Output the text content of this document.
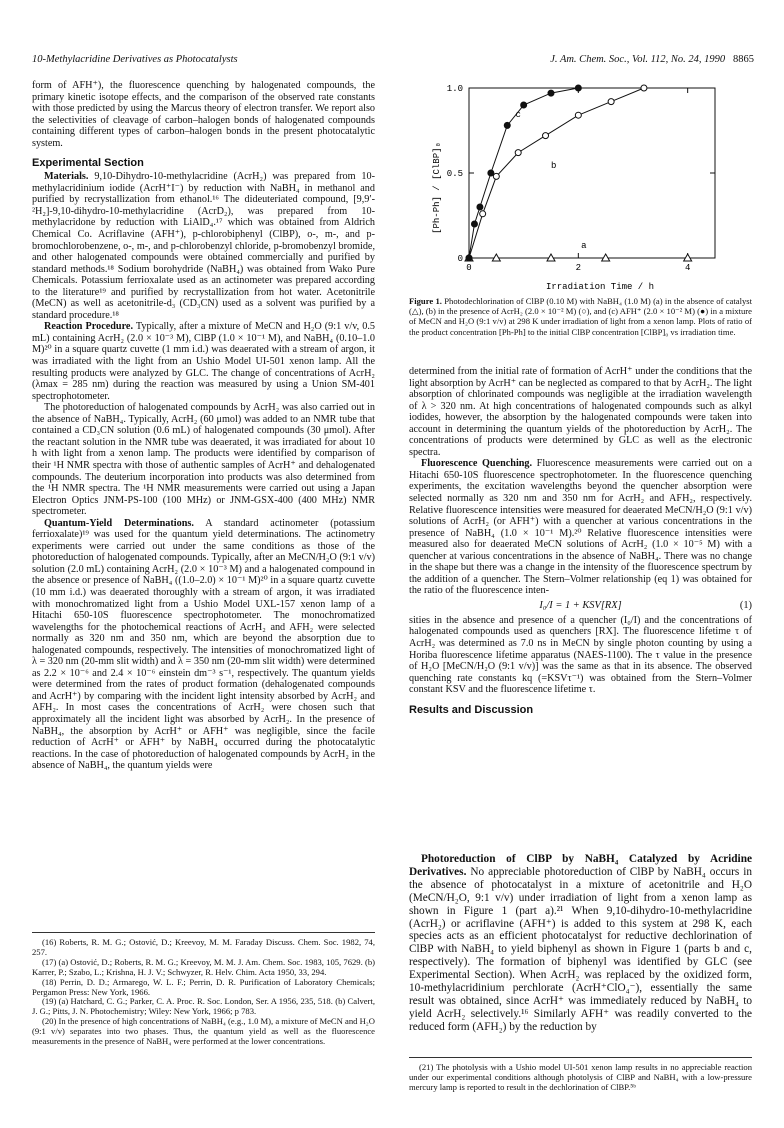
10-Methylacridine Derivatives as Photocatalysts	J. Am. Chem. Soc., Vol. 112, No. 24, 1990 8865

form of AFH⁺), the fluorescence quenching by halogenated compounds, the primary kinetic isotope effects, and the comparison of the observed rate constants with those predicted by using the Marcus theory of electron transfer. We report also the selectivities of cleavage of carbon–halogen bonds of halogenated compounds containing different types of carbon–halogen bonds in the present photocatalytic system.

Experimental Section

Materials. 9,10-Dihydro-10-methylacridine (AcrH₂) was prepared from 10-methylacridinium iodide (AcrH⁺I⁻) by reduction with NaBH₄ in methanol and purified by recrystallization from ethanol.¹⁶ The dideuteriated compound, [9,9′-²H₂]-9,10-dihydro-10-methylacridine (AcrD₂), was prepared from 10-methylacridone by reduction with LiAlD₄.¹⁷ which was obtained from Aldrich Chemical Co. Acriflavine (AFH⁺), p-chlorobiphenyl (ClBP), o-, m-, and p-bromochlorobenzene, o-, m-, and p-chlorobenzyl chloride, p-bromobenzyl bromide, and other halogenated compounds were obtained commercially and purified by standard methods.¹⁸ Sodium borohydride (NaBH₄) was obtained from Wako Pure Chemicals. Potassium ferrioxalate used as an actinometer was prepared according to the literature¹⁹ and purified by recrystallization from hot water. Acetonitrile (MeCN) as well as acetonitrile-d₃ (CD₃CN) used as a solvent was purified by a standard procedure.¹⁸

Reaction Procedure. Typically, after a mixture of MeCN and H₂O (9:1 v/v, 0.5 mL) containing AcrH₂ (2.0 × 10⁻³ M), ClBP (1.0 × 10⁻¹ M), and NaBH₄ (0.10–1.0 M)²⁰ in a square quartz cuvette (1 mm i.d.) was deaerated with a stream of argon, it was irradiated with the light from an Ushio Model UI-501 xenon lamp. All the resulting products were analyzed by GLC. The change of concentrations of AcrH₂ (λmax = 285 nm) during the reaction was measured by using a Union SM-401 spectrophotometer.

The photoreduction of halogenated compounds by AcrH₂ was also carried out in the absence of NaBH₄. Typically, AcrH₂ (60 μmol) was added to an NMR tube that contained a CD₃CN solution (0.6 mL) of halogenated compounds (30 μmol). After the reactant solution in the NMR tube was deaerated, it was irradiated for about 10 h with light from a xenon lamp. The products were identified by comparison of their ¹H NMR spectra with those of authentic samples of AcrH⁺ and dehalogenated compounds. The deuterium incorporation into products was also determined from the ¹H NMR spectra. The ¹H NMR measurements were carried out using a Japan Electron Optics JNM-PS-100 (100 MHz) or JNM-GSX-400 (400 MHz) NMR spectrometer.

Quantum-Yield Determinations. A standard actinometer (potassium ferrioxalate)¹⁹ was used for the quantum yield determinations. The actinometry experiments were carried out under the same conditions as those of the photoreduction of halogenated compounds. Typically, after an MeCN/H₂O (9:1 v/v) solution (2.0 mL) containing AcrH₂ (2.0 × 10⁻³ M) and a halogenated compound in the absence or presence of NaBH₄ ((1.0–2.0) × 10⁻¹ M)²⁰ in a square quartz cuvette (10 mm i.d.) was deaerated thoroughly with a stream of argon, it was irradiated with monochromatized light from a Ushio Model UXL-157 xenon lamp of a Hitachi 650-10S fluorescence spectrophotometer. The monochromatized wavelengths for the photochemical reactions of AcrH₂ and AFH₂ were selected normally as 320 nm and 350 nm, which are beyond the absorption due to halogenated compounds, respectively. The intensities of monochromatized light of λ = 320 nm (20-mm slit width) and λ = 350 nm (20-mm slit width) were determined as 2.2 × 10⁻⁶ and 2.4 × 10⁻⁶ einstein dm⁻³ s⁻¹, respectively. The quantum yields were determined from the rates of product formation (dehalogenated compounds and AcrH⁺) by comparing with the incident light intensity absorbed by AcrH₂ and AFH₂. In most cases the concentrations of AcrH₂ were chosen such that approximately all the incident light was absorbed by AcrH₂. In the presence of NaBH₄, the absorption by AcrH⁺ or AFH⁺ was negligible, since the facile reduction of AcrH⁺ or AFH⁺ by NaBH₄ occurred during the photocatalytic reactions. In the case of photoreduction of halogenated compounds by AcrH₂ in the absence of NaBH₄, the quantum yields were

(16) Roberts, R. M. G.; Ostović, D.; Kreevoy, M. M. Faraday Discuss. Chem. Soc. 1982, 74, 257.

(17) (a) Ostović, D.; Roberts, R. M. G.; Kreevoy, M. M. J. Am. Chem. Soc. 1983, 105, 7629. (b) Karrer, P.; Szabo, L.; Krishna, H. J. V.; Schwyzer, R. Helv. Chim. Acta 1950, 33, 294.

(18) Perrin, D. D.; Armarego, W. L. F.; Perrin, D. R. Purification of Laboratory Chemicals; Pergamon Press: New York, 1966.

(19) (a) Hatchard, C. G.; Parker, C. A. Proc. R. Soc. London, Ser. A 1956, 235, 518. (b) Calvert, J. G.; Pitts, J. N. Photochemistry; Wiley: New York, 1966; p 783.

(20) In the presence of high concentrations of NaBH₄ (e.g., 1.0 M), a mixture of MeCN and H₂O (9:1 v/v) separates into two phases. Thus, the quantum yield as well as the fluorescence measurements in the presence of NaBH₄ were performed at the lower concentrations.

0
0.5
1.0
0	2	4
a
b
c
[Ph-Ph] / [ClBP]₀
Irradiation Time / h

Figure 1. Photodechlorination of ClBP (0.10 M) with NaBH₄ (1.0 M) (a) in the absence of catalyst (△), (b) in the presence of AcrH₂ (2.0 × 10⁻² M) (○), and (c) AFH⁺ (2.0 × 10⁻² M) (●) in a mixture of MeCN and H₂O (9:1 v/v) at 298 K under irradiation of light from a xenon lamp. Plots of ratio of the product concentration [Ph-Ph] to the initial ClBP concentration [ClBP]₀ vs irradiation time.

determined from the initial rate of formation of AcrH⁺ under the conditions that the light absorption by AcrH⁺ can be neglected as compared to that by AcrH₂. The light absorption of chlorinated compounds was negligible at the irradiation wavelength of λ > 320 nm. At high concentrations of halogenated compounds such as alkyl iodides, however, the absorption by the halogenated compounds were taken into account in determining the quantum yields of the photoreduction by AcrH₂. The concentrations of products were determined by GLC as well as the electronic spectra.

Fluorescence Quenching. Fluorescence measurements were carried out on a Hitachi 650-10S fluorescence spectrophotometer. In the fluorescence quenching experiments, the excitation wavelengths beyond the quencher absorption were selected normally as 320 nm and 350 nm for AcrH₂ and AFH₂, respectively. Relative fluorescence intensities were measured for deaerated MeCN/H₂O (9:1 v/v) solutions of AcrH₂ (or AFH⁺) with a quencher at various concentrations in the presence of NaBH₄ (1.0 × 10⁻¹ M).²⁰ Relative fluorescence intensities were measured also for deaerated MeCN solutions of AcrH₂ (1.0 × 10⁻⁵ M) with a quencher at various concentrations in the absence of NaBH₄. There was no change in the shape but there was a change in the intensity of the fluorescence spectrum by the addition of a quencher. The Stern–Volmer relationship (eq 1) was obtained for the ratio of the fluorescence inten-

I₀/I = 1 + KSV[RX]	(1)

sities in the absence and presence of a quencher (I₀/I) and the concentrations of halogenated compounds used as quenchers [RX]. The fluorescence lifetime τ of AcrH₂ was determined as 7.0 ns in MeCN by single photon counting by using a Horiba fluorescence lifetime apparatus (NAES-1100). The τ value in the presence of H₂O [MeCN/H₂O (9:1 v/v)] was the same as that in its absence. The observed quenching rate constants kq (=KSVτ⁻¹) was obtained from the Stern–Volmer constant KSV and the fluorescence lifetime τ.

Results and Discussion

Photoreduction of ClBP by NaBH₄ Catalyzed by Acridine Derivatives. No appreciable photoreduction of ClBP by NaBH₄ occurs in the absence of photocatalyst in a mixture of acetonitrile and H₂O (MeCN/H₂O, 9:1 v/v) under irradiation of light from a xenon lamp as shown in Figure 1 (part a).²¹ When 9,10-dihydro-10-methylacridine (AcrH₂) or acriflavine (AFH⁺) is added to this system at 298 K, each species acts as an efficient photocatalyst for reductive dechlorination of ClBP with NaBH₄ to yield biphenyl as shown in Figure 1 (parts b and c, respectively). The formation of biphenyl was identified by GLC (see Experimental Section). When AcrH₂ was replaced by the oxidized form, 10-methylacridinium perchlorate (AcrH⁺ClO₄⁻), essentially the same result was obtained, since AcrH⁺ was immediately reduced by NaBH₄ to yield AcrH₂ selectively.¹⁶ Similarly AFH⁺ was readily converted to the reduced form (AFH₂) by the reduction by

(21) The photolysis with a Ushio model UI-501 xenon lamp results in no appreciable reaction under our experimental conditions although photolysis of ClBP and NaBH₄ with a low-pressure mercury lamp is reported to result in the dechlorination of ClBP.⁵ᵇ
